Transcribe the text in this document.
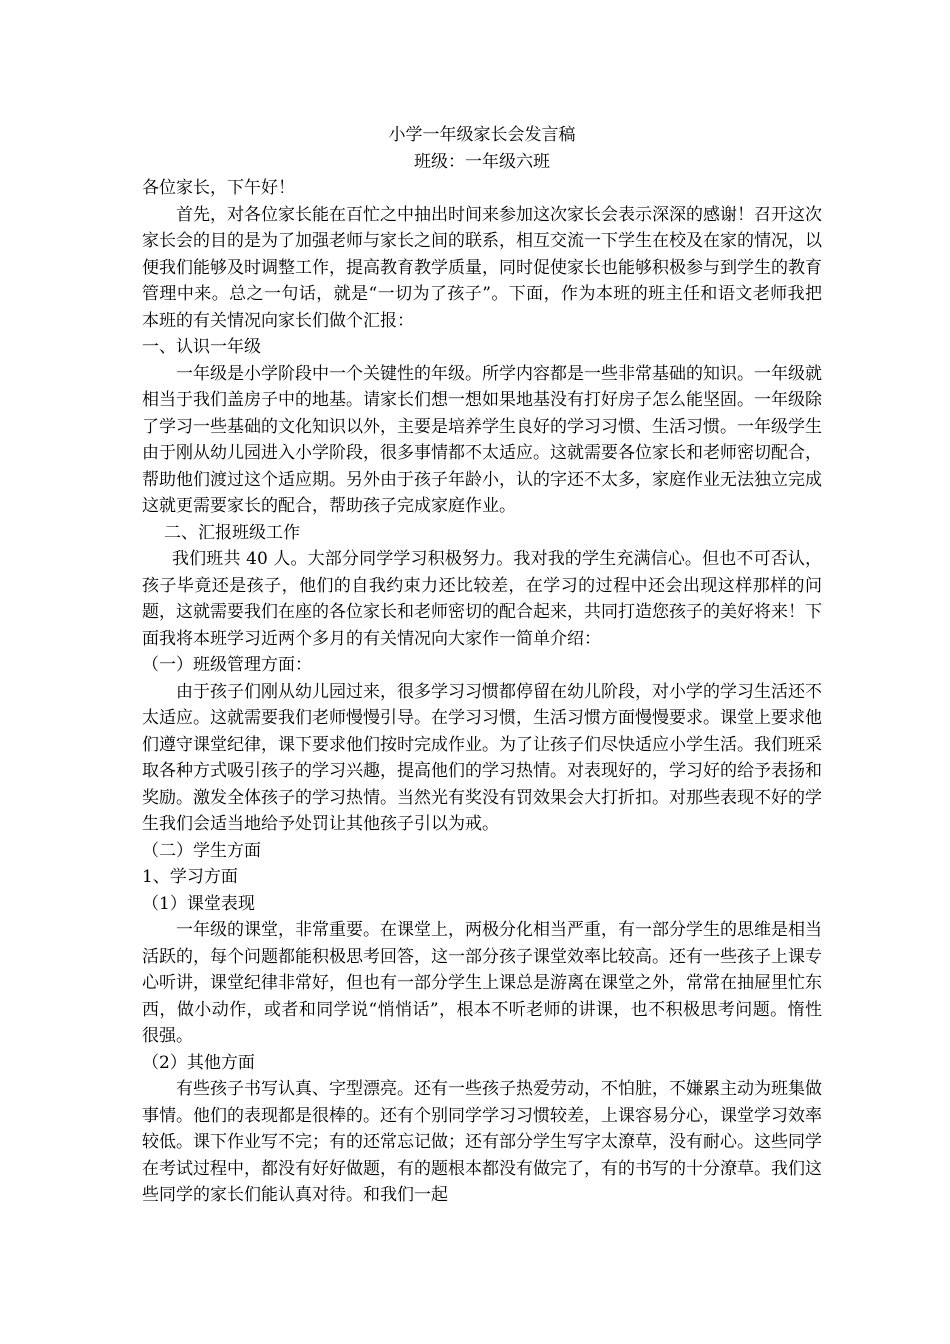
小学一年级家长会发言稿

班级：一年级六班

各位家长，下午好！

首先，对各位家长能在百忙之中抽出时间来参加这次家长会表示深深的感谢！召开这次家长会的目的是为了加强老师与家长之间的联系，相互交流一下学生在校及在家的情况，以便我们能够及时调整工作，提高教育教学质量，同时促使家长也能够积极参与到学生的教育管理中来。总之一句话，就是“一切为了孩子”。下面，作为本班的班主任和语文老师我把本班的有关情况向家长们做个汇报：

一、认识一年级

一年级是小学阶段中一个关键性的年级。所学内容都是一些非常基础的知识。一年级就相当于我们盖房子中的地基。请家长们想一想如果地基没有打好房子怎么能坚固。一年级除了学习一些基础的文化知识以外，主要是培养学生良好的学习习惯、生活习惯。一年级学生由于刚从幼儿园进入小学阶段，很多事情都不太适应。这就需要各位家长和老师密切配合，帮助他们渡过这个适应期。另外由于孩子年龄小，认的字还不太多，家庭作业无法独立完成这就更需要家长的配合，帮助孩子完成家庭作业。

二、汇报班级工作

我们班共 40 人。大部分同学学习积极努力。我对我的学生充满信心。但也不可否认，孩子毕竟还是孩子，他们的自我约束力还比较差，在学习的过程中还会出现这样那样的问题，这就需要我们在座的各位家长和老师密切的配合起来，共同打造您孩子的美好将来！下面我将本班学习近两个多月的有关情况向大家作一简单介绍：

（一）班级管理方面：

由于孩子们刚从幼儿园过来，很多学习习惯都停留在幼儿阶段，对小学的学习生活还不太适应。这就需要我们老师慢慢引导。在学习习惯，生活习惯方面慢慢要求。课堂上要求他们遵守课堂纪律，课下要求他们按时完成作业。为了让孩子们尽快适应小学生活。我们班采取各种方式吸引孩子的学习兴趣，提高他们的学习热情。对表现好的，学习好的给予表扬和奖励。激发全体孩子的学习热情。当然光有奖没有罚效果会大打折扣。对那些表现不好的学生我们会适当地给予处罚让其他孩子引以为戒。

（二）学生方面

1、学习方面

（1）课堂表现

一年级的课堂，非常重要。在课堂上，两极分化相当严重，有一部分学生的思维是相当活跃的，每个问题都能积极思考回答，这一部分孩子课堂效率比较高。还有一些孩子上课专心听讲，课堂纪律非常好，但也有一部分学生上课总是游离在课堂之外，常常在抽屉里忙东西，做小动作，或者和同学说“悄悄话”，根本不听老师的讲课，也不积极思考问题。惰性很强。

（2）其他方面

有些孩子书写认真、字型漂亮。还有一些孩子热爱劳动，不怕脏，不嫌累主动为班集做事情。他们的表现都是很棒的。还有个别同学学习习惯较差，上课容易分心，课堂学习效率较低。课下作业写不完；有的还常忘记做；还有部分学生写字太潦草，没有耐心。这些同学在考试过程中，都没有好好做题，有的题根本都没有做完了，有的书写的十分潦草。我们这些同学的家长们能认真对待。和我们一起
